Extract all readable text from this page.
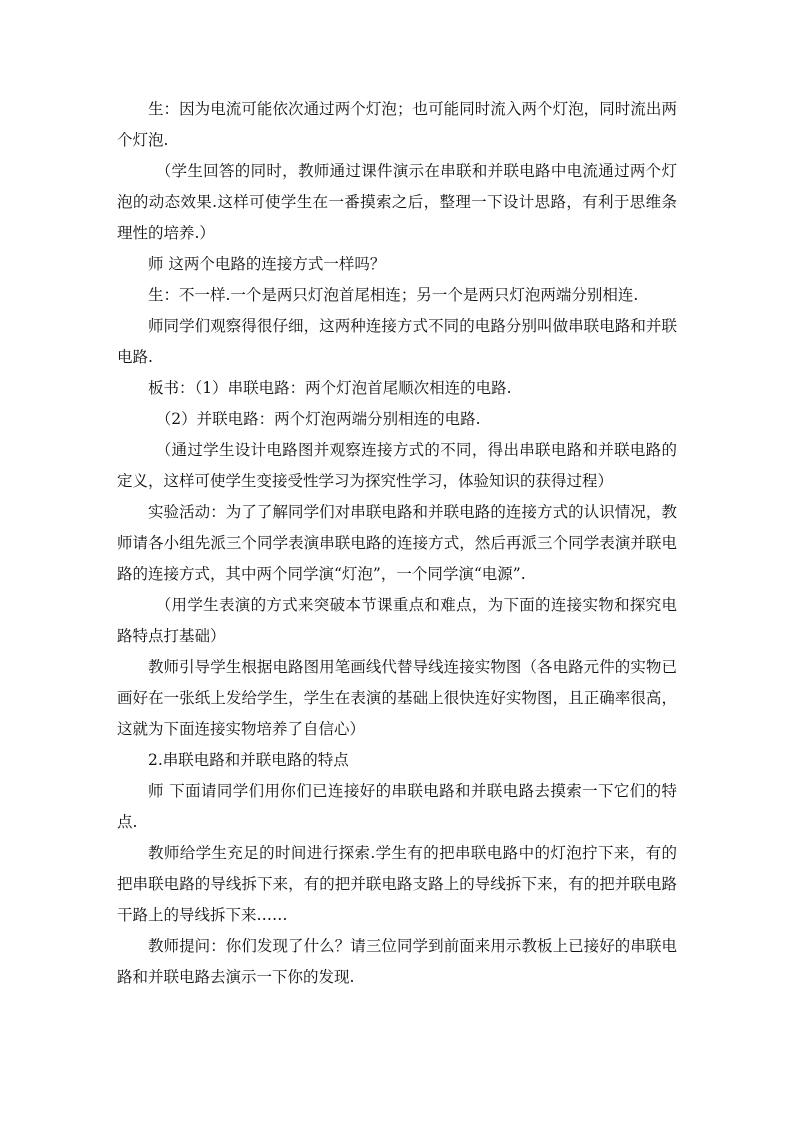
生：因为电流可能依次通过两个灯泡；也可能同时流入两个灯泡，同时流出两个灯泡.

（学生回答的同时，教师通过课件演示在串联和并联电路中电流通过两个灯泡的动态效果.这样可使学生在一番摸索之后，整理一下设计思路，有利于思维条理性的培养.）

师 这两个电路的连接方式一样吗？

生：不一样.一个是两只灯泡首尾相连；另一个是两只灯泡两端分别相连.

师同学们观察得很仔细，这两种连接方式不同的电路分别叫做串联电路和并联电路.

板书：（1）串联电路：两个灯泡首尾顺次相连的电路.

（2）并联电路：两个灯泡两端分别相连的电路.

（通过学生设计电路图并观察连接方式的不同，得出串联电路和并联电路的定义，这样可使学生变接受性学习为探究性学习，体验知识的获得过程）

实验活动：为了了解同学们对串联电路和并联电路的连接方式的认识情况，教师请各小组先派三个同学表演串联电路的连接方式，然后再派三个同学表演并联电路的连接方式，其中两个同学演“灯泡”，一个同学演“电源”.

（用学生表演的方式来突破本节课重点和难点，为下面的连接实物和探究电路特点打基础）

教师引导学生根据电路图用笔画线代替导线连接实物图（各电路元件的实物已画好在一张纸上发给学生，学生在表演的基础上很快连好实物图，且正确率很高，这就为下面连接实物培养了自信心）

2.串联电路和并联电路的特点

师 下面请同学们用你们已连接好的串联电路和并联电路去摸索一下它们的特点.

教师给学生充足的时间进行探索.学生有的把串联电路中的灯泡拧下来，有的把串联电路的导线拆下来，有的把并联电路支路上的导线拆下来，有的把并联电路干路上的导线拆下来……

教师提问：你们发现了什么？请三位同学到前面来用示教板上已接好的串联电路和并联电路去演示一下你的发现.
